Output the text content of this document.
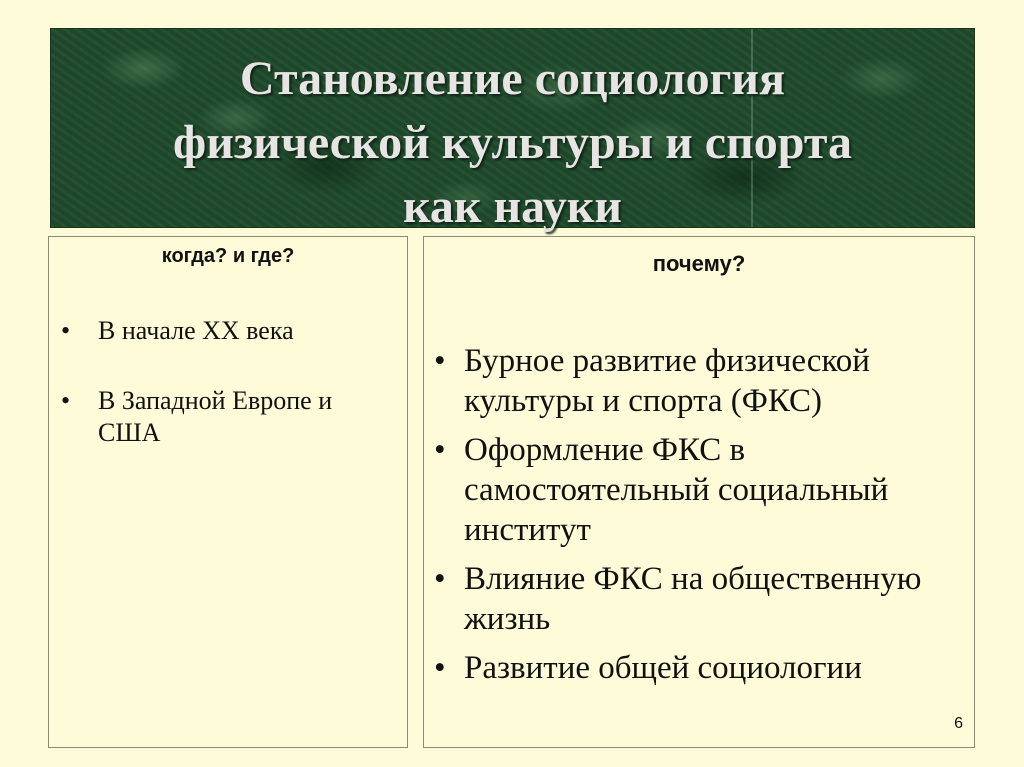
Становление социология
физической культуры и спорта
как науки

когда? и где?

• В начале XX века
• В Западной Европе и США

почему?

• Бурное развитие физической культуры и спорта (ФКС)
• Оформление ФКС в самостоятельный социальный институт
• Влияние ФКС на общественную жизнь
• Развитие общей социологии
6
